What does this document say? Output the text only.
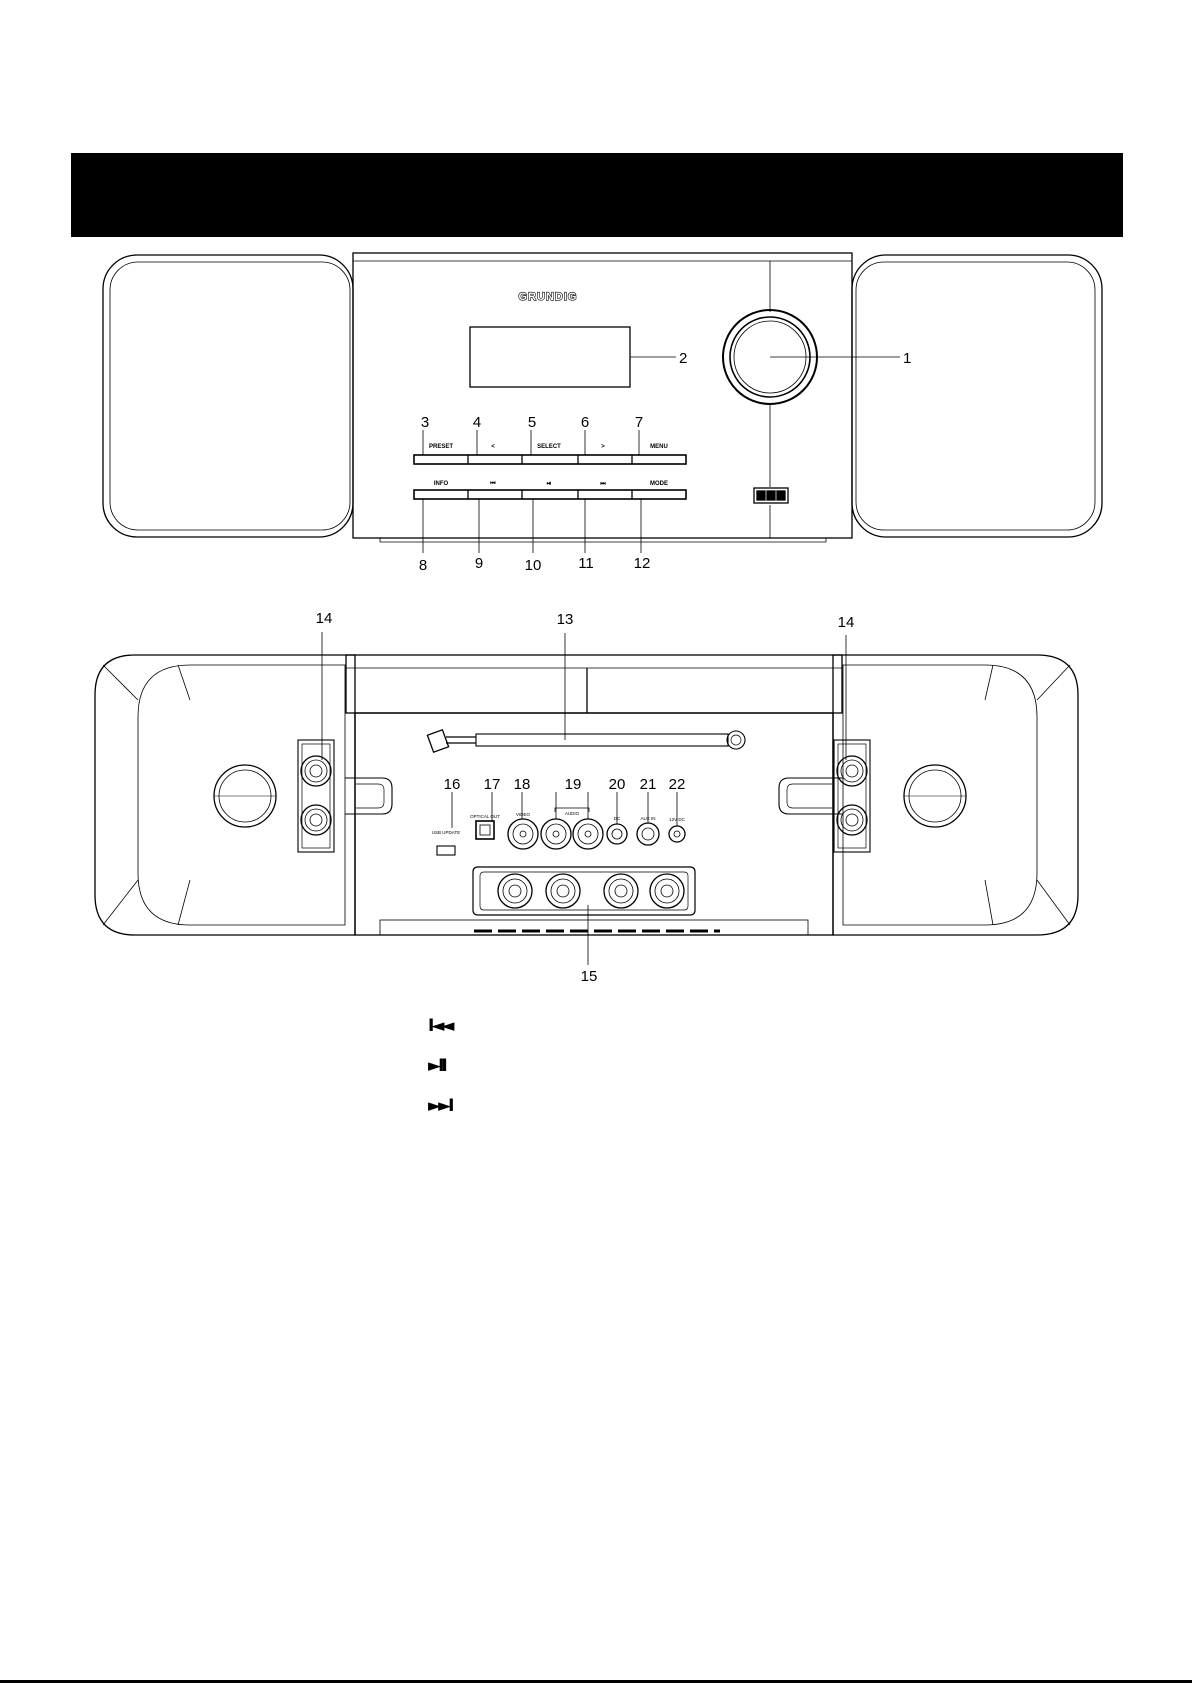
GRUNDIG
2	1
3	4	5	6	7
PRESET	<	SELECT	>	MENU
INFO	⏮	⏯	⏭	MODE
8	9	10 11	12
13
14	14
15
16 17 18 19 20 21 22
USB UPDATE
OPTICAL OUT	VIDEO	AUDIO
DC	AUX IN	12V DC
I◄◄
►II
►►I
